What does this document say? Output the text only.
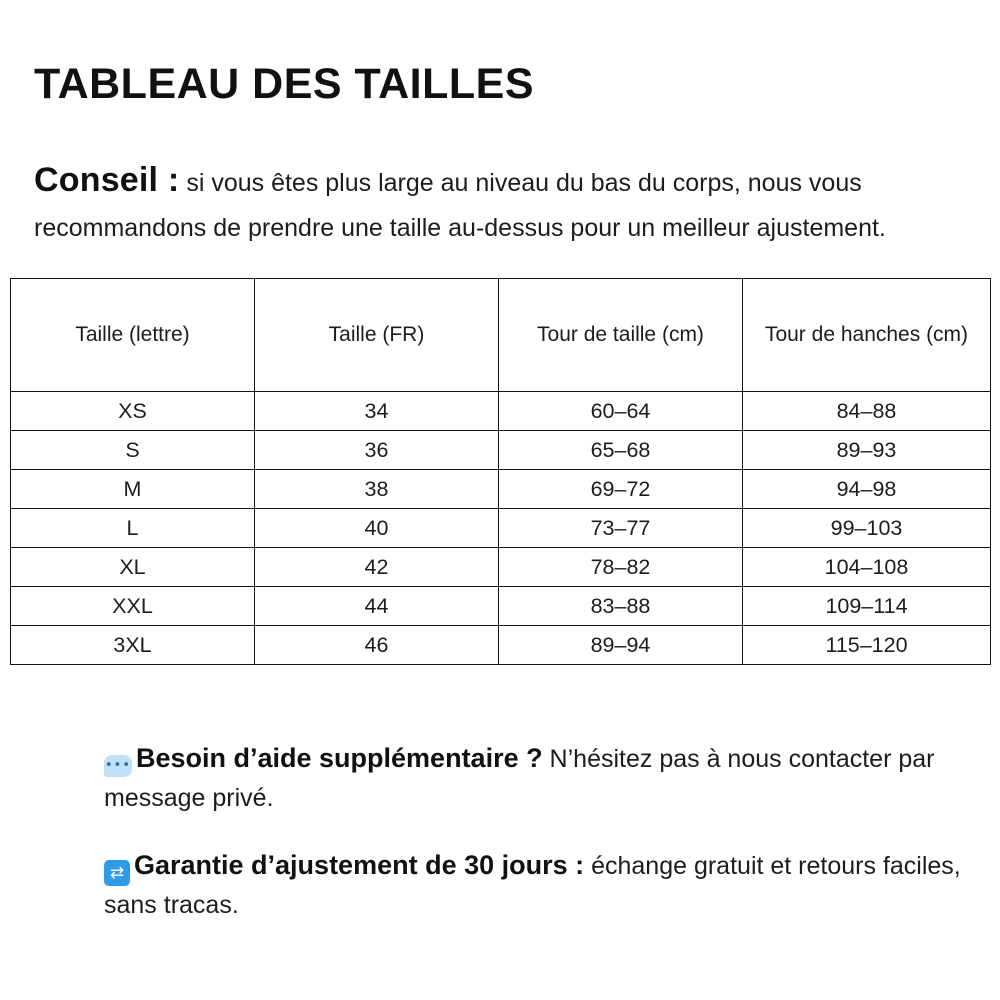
TABLEAU DES TAILLES

Conseil : si vous êtes plus large au niveau du bas du corps, nous vous recommandons de prendre une taille au-dessus pour un meilleur ajustement.

Taille (lettre)	Taille (FR)	Tour de taille (cm)	Tour de hanches (cm)
XS	34	60–64	84–88
S	36	65–68	89–93
M	38	69–72	94–98
L	40	73–77	99–103
XL	42	78–82	104–108
XXL	44	83–88	109–114
3XL	46	89–94	115–120

••• Besoin d’aide supplémentaire ? N’hésitez pas à nous contacter par message privé.

⇄ Garantie d’ajustement de 30 jours : échange gratuit et retours faciles, sans tracas.
